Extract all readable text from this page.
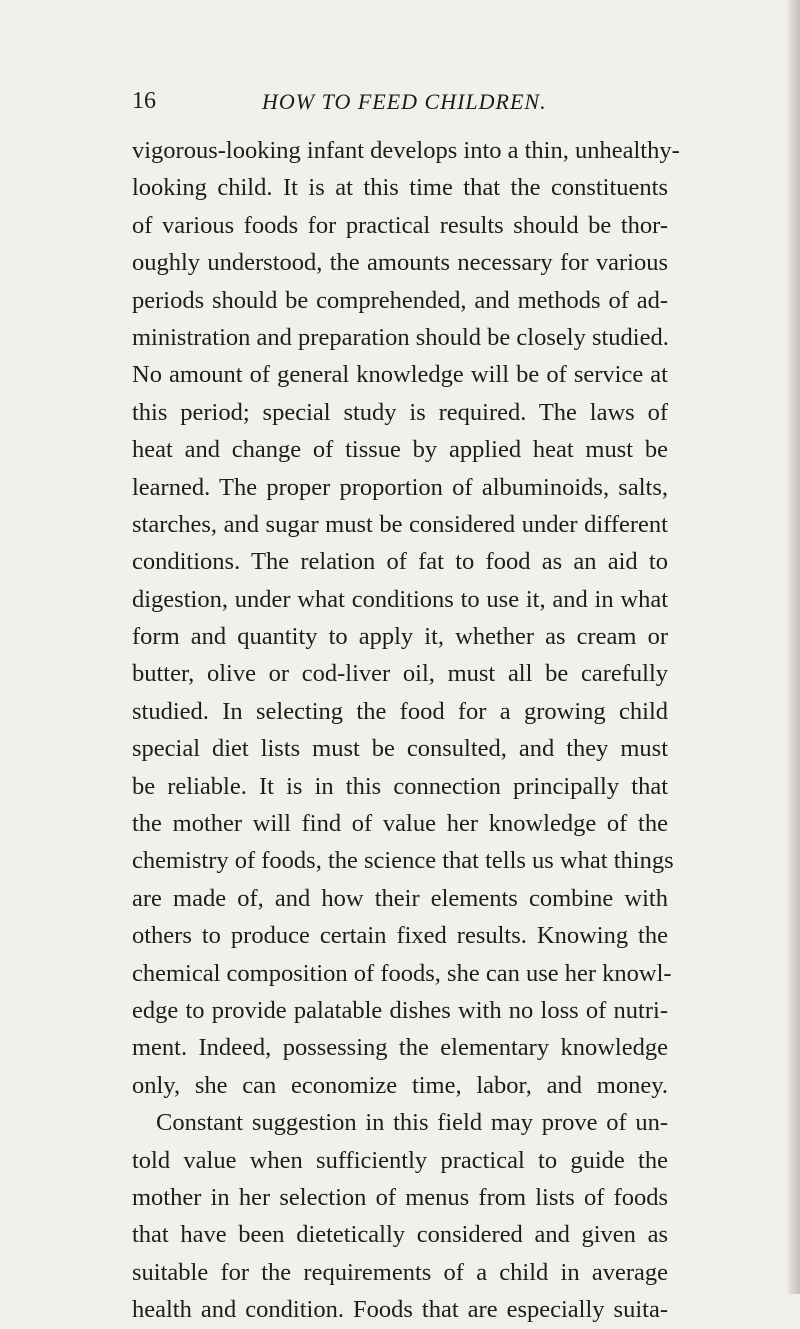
16	HOW TO FEED CHILDREN.
vigorous-looking infant develops into a thin, unhealthy-
looking child. It is at this time that the constituents
of various foods for practical results should be thor-
oughly understood, the amounts necessary for various
periods should be comprehended, and methods of ad-
ministration and preparation should be closely studied.
No amount of general knowledge will be of service at
this period; special study is required. The laws of
heat and change of tissue by applied heat must be
learned. The proper proportion of albuminoids, salts,
starches, and sugar must be considered under different
conditions. The relation of fat to food as an aid to
digestion, under what conditions to use it, and in what
form and quantity to apply it, whether as cream or
butter, olive or cod-liver oil, must all be carefully
studied. In selecting the food for a growing child
special diet lists must be consulted, and they must
be reliable. It is in this connection principally that
the mother will find of value her knowledge of the
chemistry of foods, the science that tells us what things
are made of, and how their elements combine with
others to produce certain fixed results. Knowing the
chemical composition of foods, she can use her knowl-
edge to provide palatable dishes with no loss of nutri-
ment. Indeed, possessing the elementary knowledge
only, she can economize time, labor, and money.
Constant suggestion in this field may prove of un-
told value when sufficiently practical to guide the
mother in her selection of menus from lists of foods
that have been dietetically considered and given as
suitable for the requirements of a child in average
health and condition. Foods that are especially suita-
